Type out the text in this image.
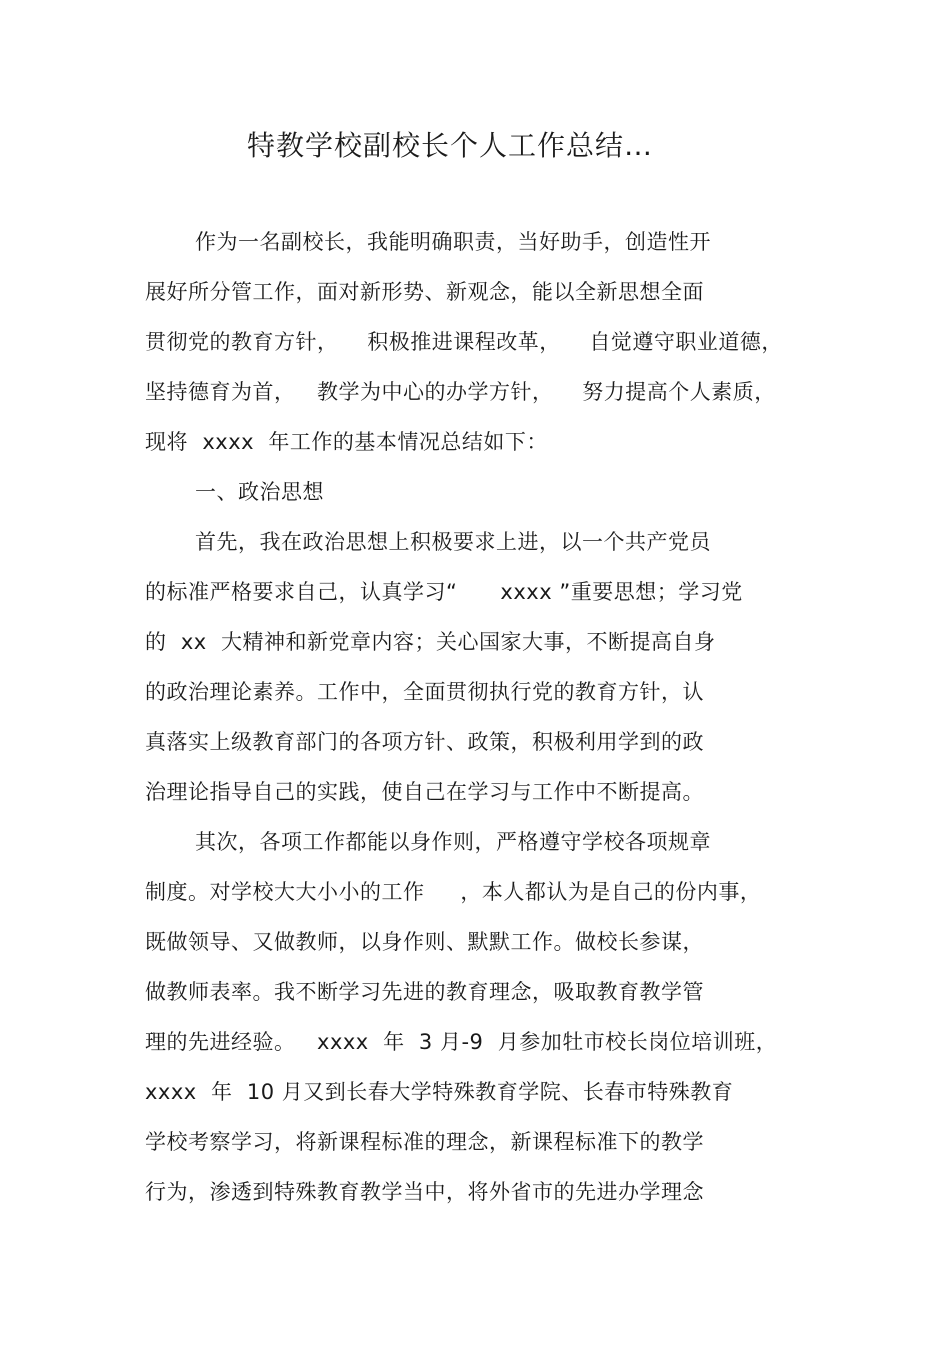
特教学校副校长个人工作总结…
作为一名副校长，我能明确职责，当好助手，创造性开
展好所分管工作，面对新形势、新观念，能以全新思想全面
贯彻党的教育方针，    积极推进课程改革，    自觉遵守职业道德，
坚持德育为首，   教学为中心的办学方针，    努力提高个人素质，
现将  xxxx  年工作的基本情况总结如下：
一、政治思想
首先，我在政治思想上积极要求上进，以一个共产党员
的标准严格要求自己，认真学习“      xxxx ”重要思想；学习党
的  xx  大精神和新党章内容；关心国家大事，不断提高自身
的政治理论素养。工作中，全面贯彻执行党的教育方针，认
真落实上级教育部门的各项方针、政策，积极利用学到的政
治理论指导自己的实践，使自己在学习与工作中不断提高。
其次，各项工作都能以身作则，严格遵守学校各项规章
制度。对学校大大小小的工作     ，本人都认为是自己的份内事，
既做领导、又做教师，以身作则、默默工作。做校长参谋，
做教师表率。我不断学习先进的教育理念，吸取教育教学管
理的先进经验。   xxxx  年  3 月-9  月参加牡市校长岗位培训班，
xxxx  年  10 月又到长春大学特殊教育学院、长春市特殊教育
学校考察学习，将新课程标准的理念，新课程标准下的教学
行为，渗透到特殊教育教学当中，将外省市的先进办学理念
